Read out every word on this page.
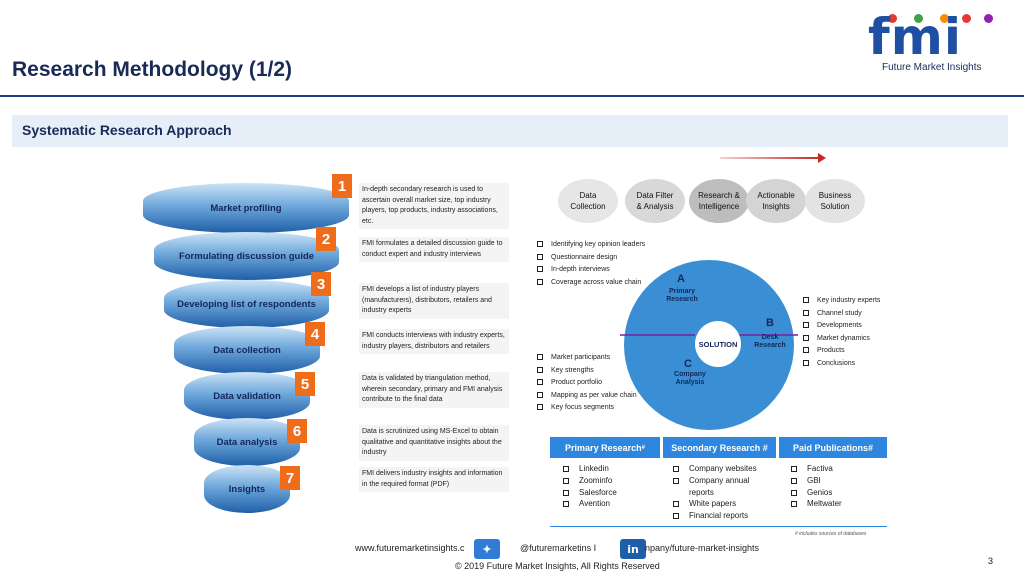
Research Methodology (1/2)
fmi
Future Market Insights
Systematic Research Approach
Market profiling
Formulating discussion guide
Developing list of respondents
Data collection
Data validation
Data analysis
Insights
1
2
3
4
5
6
7
In-depth secondary research is used to ascertain overall market size, top industry players, top products, industry associations, etc.
FMI formulates a detailed discussion guide to conduct expert and industry interviews
FMI develops a list of industry players (manufacturers), distributors, retailers and industry experts
FMI conducts interviews with industry experts, industry players, distributors and retailers
Data is validated by triangulation method, wherein secondary, primary and FMI analysis contribute to the final data
Data is scrutinized using MS-Excel to obtain qualitative and quantitative insights about the industry
FMI delivers industry insights and information in the required format (PDF)
Data
Collection
Data Filter
& Analysis
Research &
Intelligence
Actionable
Insights
Business
Solution
SOLUTION
A
Primary
Research
B
Desk
Research
C
Company
Analysis
Identifying key opinion leaders
Questionnaire design
In-depth interviews
Coverage across value chain
Key industry experts
Channel study
Developments
Market dynamics
Products
Conclusions
Market participants
Key strengths
Product portfolio
Mapping as per value chain
Key focus segments
Primary Research #	Secondary Research #	Paid Publications#
Linkedin
Zoominfo
Salesforce
Avention
Company websites
Company annual
reports
White papers
Financial reports
Factiva
GBI
Genios
Meltwater
# includes sources of databases
www.futuremarketinsights.c	✦	@futuremarketins I	in npany/future-market-insights
3
© 2019 Future Market Insights, All Rights Reserved
